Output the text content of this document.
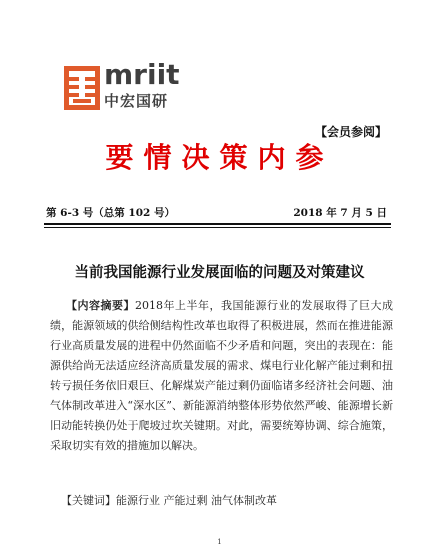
mriit
中宏国研
【会员参阅】
要情决策内参
第 6-3 号（总第 102 号）	2018 年 7 月 5 日
当前我国能源行业发展面临的问题及对策建议
【内容摘要】2018年上半年，我国能源行业的发展取得了巨大成绩，能源领域的供给侧结构性改革也取得了积极进展，然而在推进能源行业高质量发展的进程中仍然面临不少矛盾和问题，突出的表现在：能源供给尚无法适应经济高质量发展的需求、煤电行业化解产能过剩和扭转亏损任务依旧艰巨、化解煤炭产能过剩仍面临诸多经济社会问题、油气体制改革进入“深水区”、新能源消纳整体形势依然严峻、能源增长新旧动能转换仍处于爬坡过坎关键期。对此，需要统筹协调、综合施策，采取切实有效的措施加以解决。
【关键词】能源行业 产能过剩 油气体制改革
1
